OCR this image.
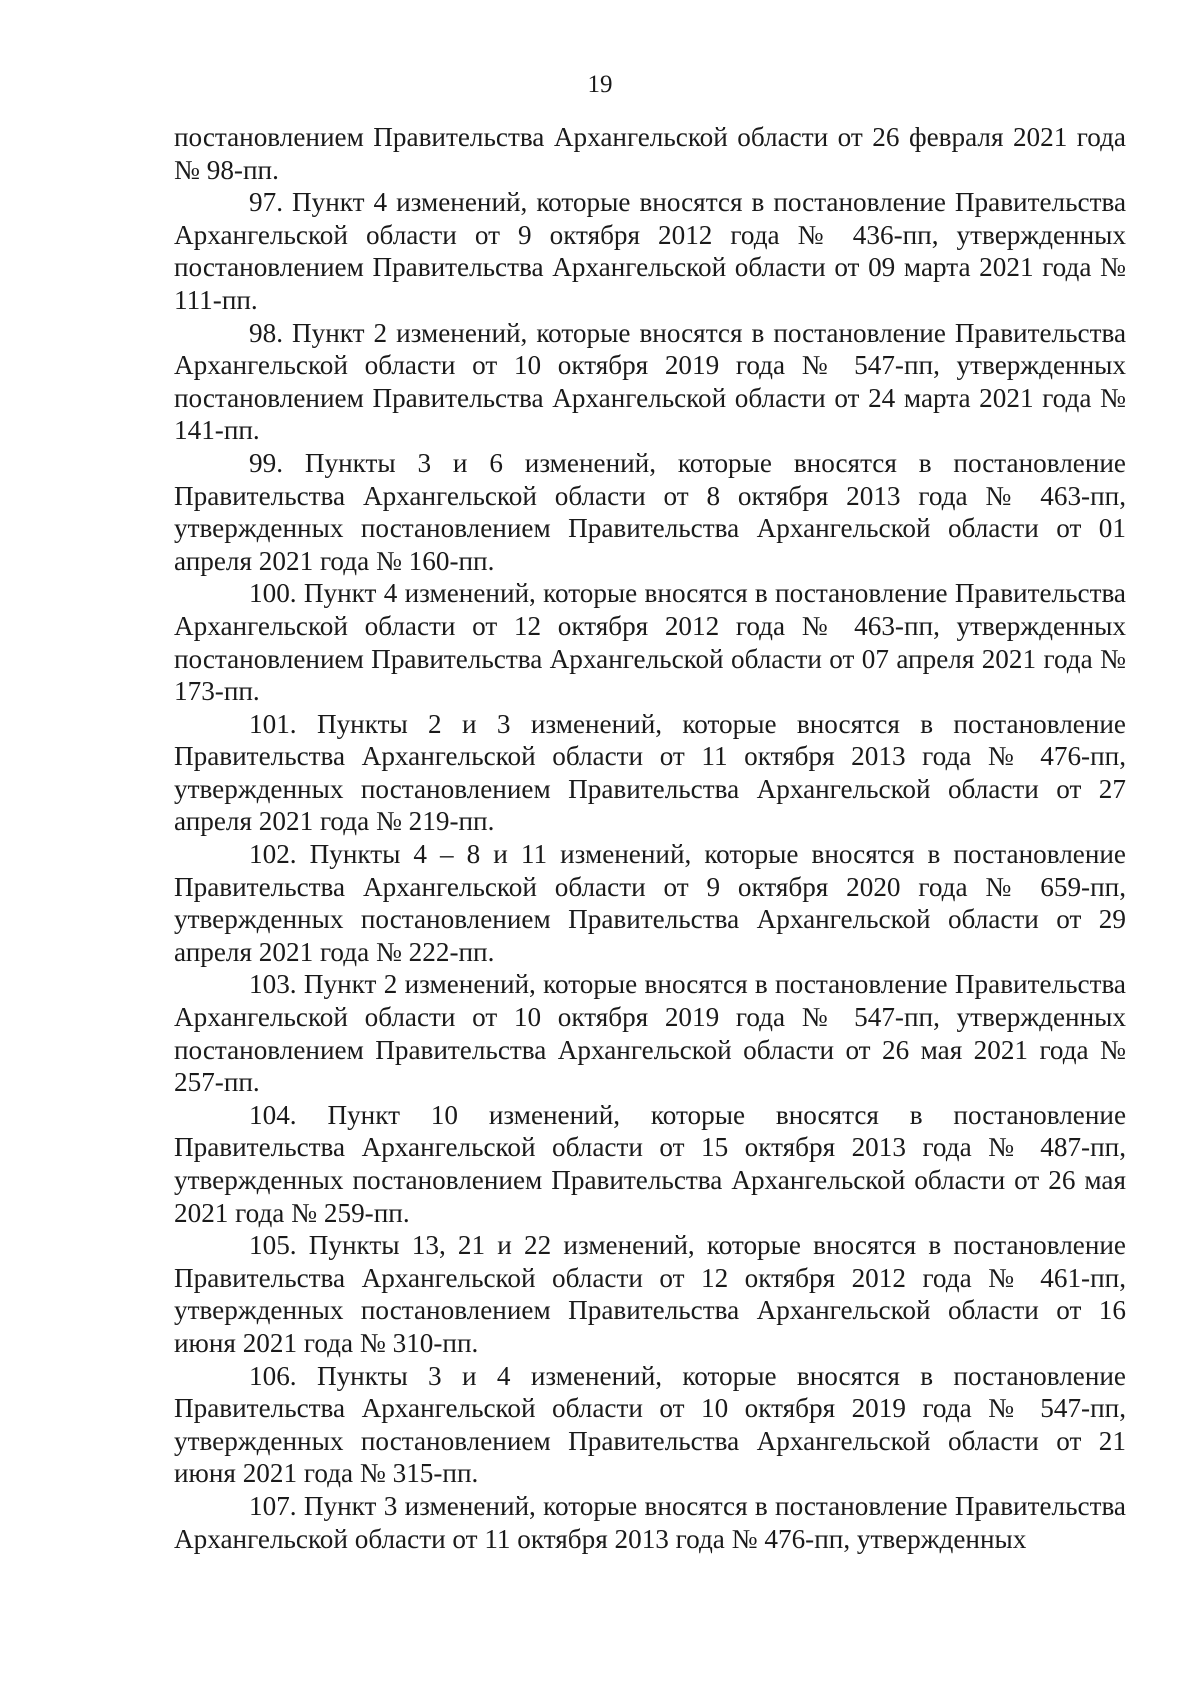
19

постановлением Правительства Архангельской области от 26 февраля 2021 года № 98-пп.

97. Пункт 4 изменений, которые вносятся в постановление Правительства Архангельской области от 9 октября 2012 года № 436-пп, утвержденных постановлением Правительства Архангельской области от 09 марта 2021 года № 111-пп.

98. Пункт 2 изменений, которые вносятся в постановление Правительства Архангельской области от 10 октября 2019 года № 547-пп, утвержденных постановлением Правительства Архангельской области от 24 марта 2021 года № 141-пп.

99. Пункты 3 и 6 изменений, которые вносятся в постановление Правительства Архангельской области от 8 октября 2013 года № 463-пп, утвержденных постановлением Правительства Архангельской области от 01 апреля 2021 года № 160-пп.

100. Пункт 4 изменений, которые вносятся в постановление Правительства Архангельской области от 12 октября 2012 года № 463-пп, утвержденных постановлением Правительства Архангельской области от 07 апреля 2021 года № 173-пп.

101. Пункты 2 и 3 изменений, которые вносятся в постановление Правительства Архангельской области от 11 октября 2013 года № 476-пп, утвержденных постановлением Правительства Архангельской области от 27 апреля 2021 года № 219-пп.

102. Пункты 4 – 8 и 11 изменений, которые вносятся в постановление Правительства Архангельской области от 9 октября 2020 года № 659-пп, утвержденных постановлением Правительства Архангельской области от 29 апреля 2021 года № 222-пп.

103. Пункт 2 изменений, которые вносятся в постановление Правительства Архангельской области от 10 октября 2019 года № 547-пп, утвержденных постановлением Правительства Архангельской области от 26 мая 2021 года № 257-пп.

104. Пункт 10 изменений, которые вносятся в постановление Правительства Архангельской области от 15 октября 2013 года № 487-пп, утвержденных постановлением Правительства Архангельской области от 26 мая 2021 года № 259-пп.

105. Пункты 13, 21 и 22 изменений, которые вносятся в постановление Правительства Архангельской области от 12 октября 2012 года № 461-пп, утвержденных постановлением Правительства Архангельской области от 16 июня 2021 года № 310-пп.

106. Пункты 3 и 4 изменений, которые вносятся в постановление Правительства Архангельской области от 10 октября 2019 года № 547-пп, утвержденных постановлением Правительства Архангельской области от 21 июня 2021 года № 315-пп.

107. Пункт 3 изменений, которые вносятся в постановление Правительства Архангельской области от 11 октября 2013 года № 476-пп, утвержденных
